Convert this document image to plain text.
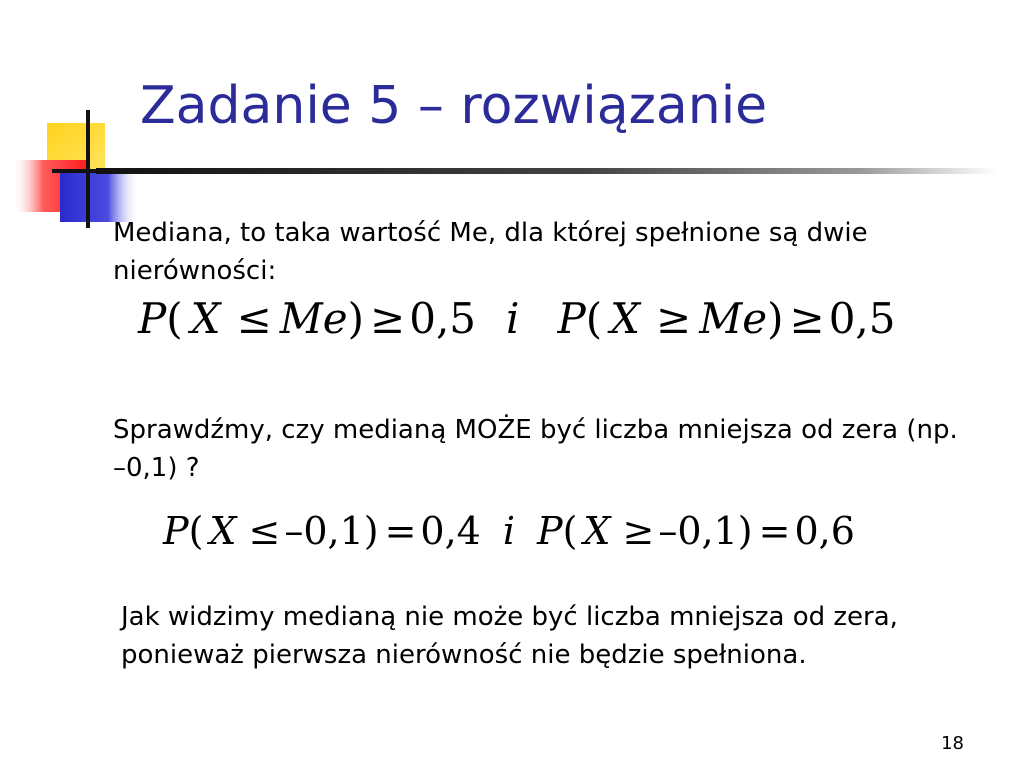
Zadanie 5 – rozwiązanie

Mediana, to taka wartość Me, dla której spełnione są dwie nierówności:

P( X ≤ Me) ≥0,5 i P( X ≥ Me) ≥0,5

Sprawdźmy, czy medianą MOŻE być liczba mniejsza od zera (np. –0,1) ?

P( X ≤ –0,1) = 0,4 i P( X ≥ –0,1) = 0,6

Jak widzimy medianą nie może być liczba mniejsza od zera, ponieważ pierwsza nierówność nie będzie spełniona.

18
